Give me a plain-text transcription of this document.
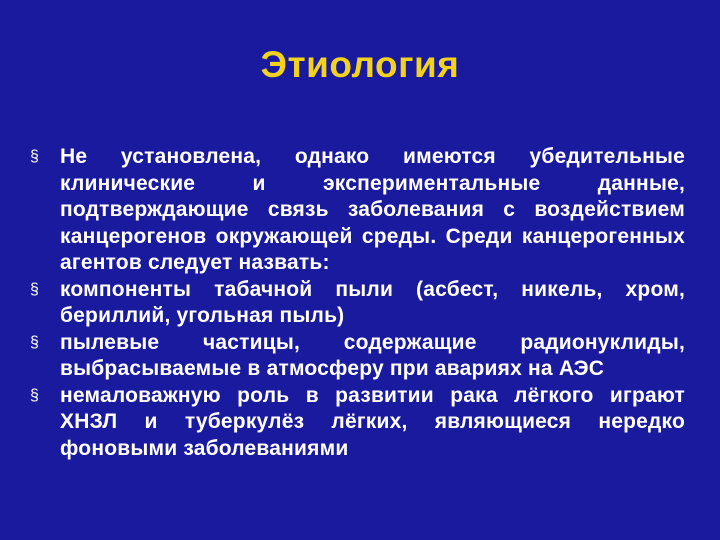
Этиология
§ Не установлена, однако имеются убедительные клинические и экспериментальные данные, подтверждающие связь заболевания с воздействием канцерогенов окружающей среды. Среди канцерогенных агентов следует назвать:
§ компоненты табачной пыли (асбест, никель, хром, бериллий, угольная пыль)
§ пылевые частицы, содержащие радионуклиды, выбрасываемые в атмосферу при авариях на АЭС
§ немаловажную роль в развитии рака лёгкого играют ХНЗЛ и туберкулёз лёгких, являющиеся нередко фоновыми заболеваниями
